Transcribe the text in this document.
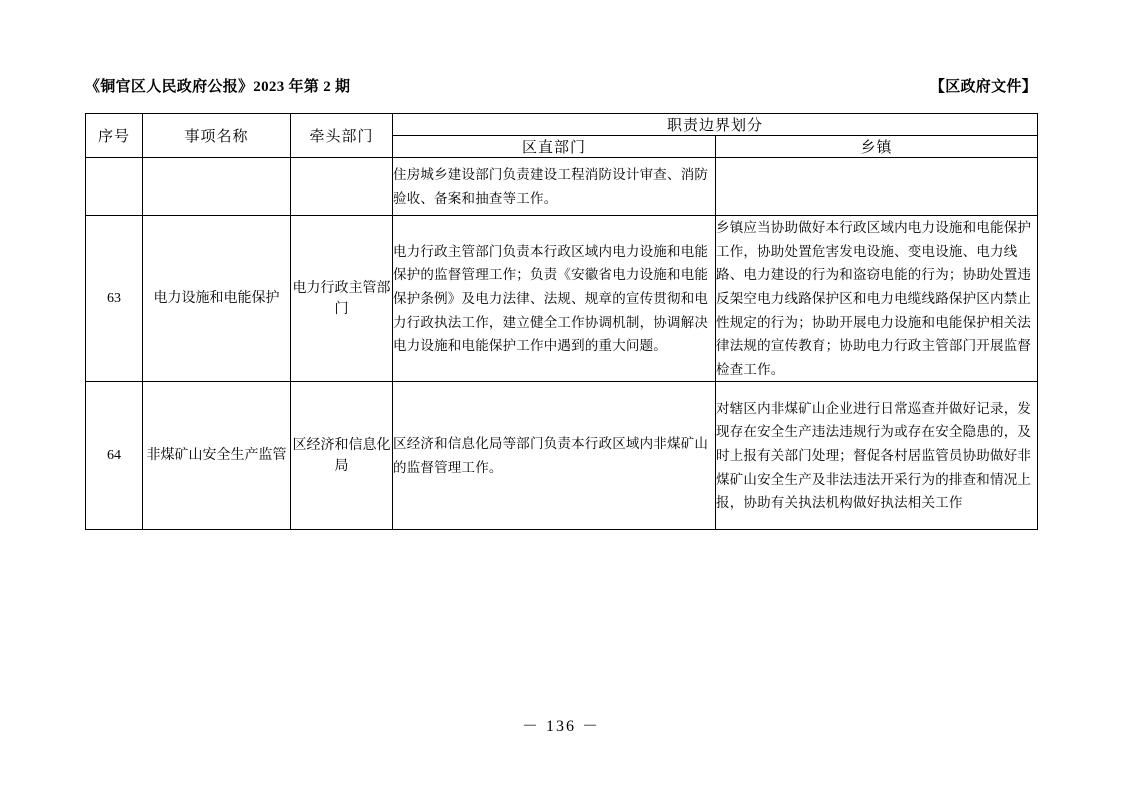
《铜官区人民政府公报》2023 年第 2 期	【区政府文件】
序号	事项名称	牵头部门	职责边界划分	
			区直部门	乡镇
			住房城乡建设部门负责建设工程消防设计审查、消防验收、备案和抽查等工作。	
63	电力设施和电能保护	电力行政主管部门	电力行政主管部门负责本行政区域内电力设施和电能保护的监督管理工作；负责《安徽省电力设施和电能保护条例》及电力法律、法规、规章的宣传贯彻和电力行政执法工作，建立健全工作协调机制，协调解决电力设施和电能保护工作中遇到的重大问题。	乡镇应当协助做好本行政区域内电力设施和电能保护工作，协助处置危害发电设施、变电设施、电力线路、电力建设的行为和盗窃电能的行为；协助处置违反架空电力线路保护区和电力电缆线路保护区内禁止性规定的行为；协助开展电力设施和电能保护相关法律法规的宣传教育；协助电力行政主管部门开展监督检查工作。
64	非煤矿山安全生产监管	区经济和信息化局	区经济和信息化局等部门负责本行政区域内非煤矿山的监督管理工作。	对辖区内非煤矿山企业进行日常巡查并做好记录，发现存在安全生产违法违规行为或存在安全隐患的，及时上报有关部门处理；督促各村居监管员协助做好非煤矿山安全生产及非法违法开采行为的排查和情况上报，协助有关执法机构做好执法相关工作
－ 136 －
